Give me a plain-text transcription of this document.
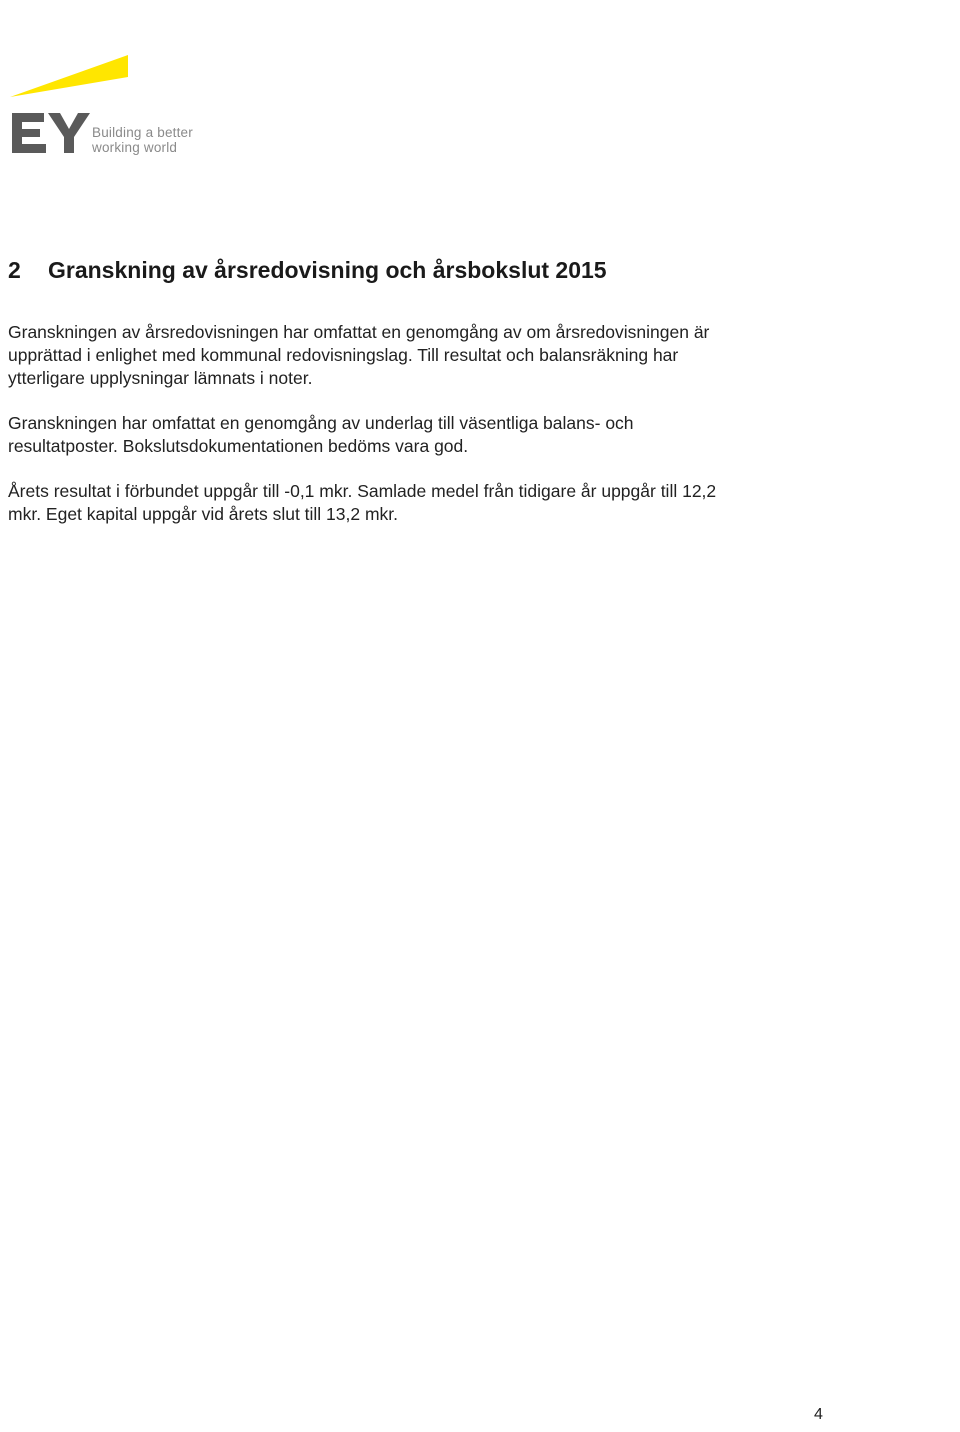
Building a better
working world
2 Granskning av årsredovisning och årsbokslut 2015

Granskningen av årsredovisningen har omfattat en genomgång av om årsredovisningen är
upprättad i enlighet med kommunal redovisningslag. Till resultat och balansräkning har
ytterligare upplysningar lämnats i noter.

Granskningen har omfattat en genomgång av underlag till väsentliga balans- och
resultatposter. Bokslutsdokumentationen bedöms vara god.

Årets resultat i förbundet uppgår till -0,1 mkr. Samlade medel från tidigare år uppgår till 12,2
mkr. Eget kapital uppgår vid årets slut till 13,2 mkr.

4
